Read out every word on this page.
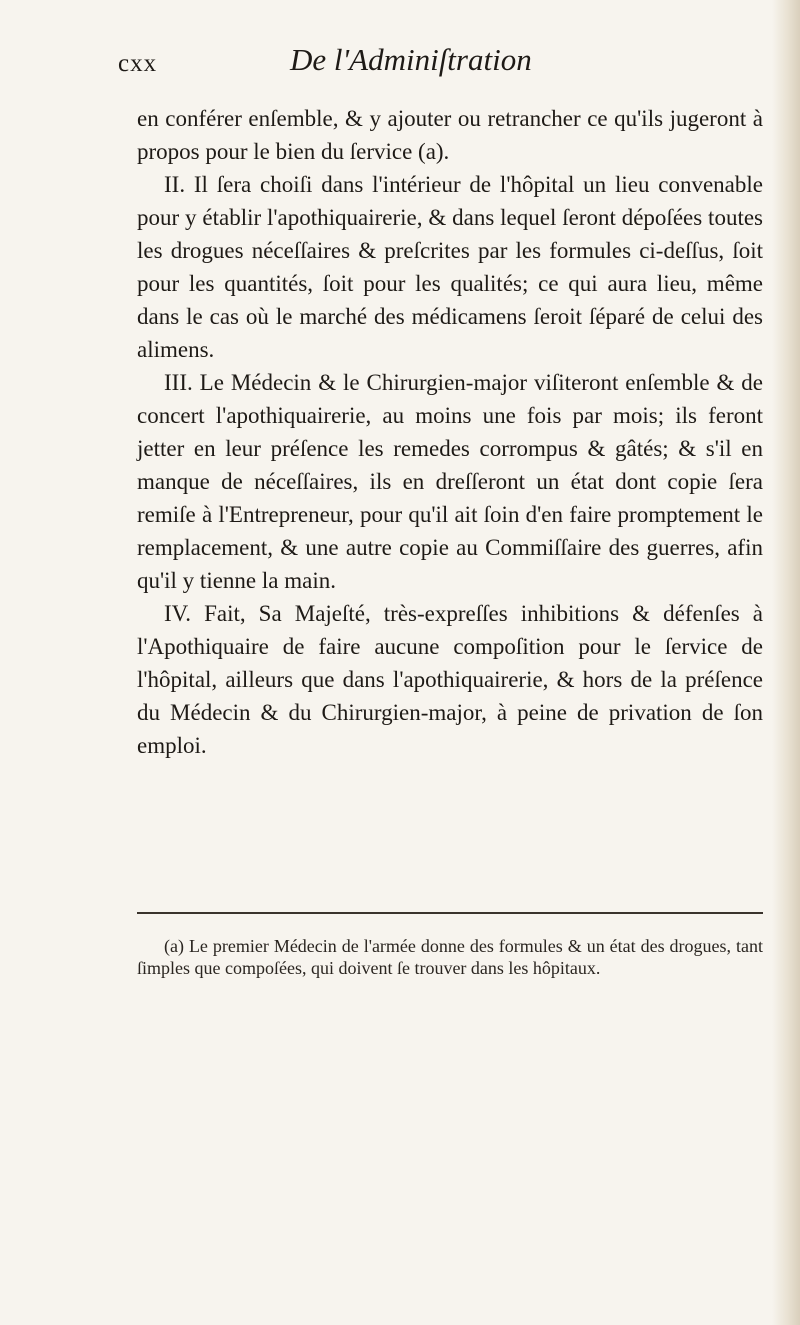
cxx	De l'Adminiſtration

en conférer enſemble, & y ajouter ou retrancher ce qu'ils jugeront à propos pour le bien du ſervice (a).

II. Il ſera choiſi dans l'intérieur de l'hôpital un lieu convenable pour y établir l'apothiquairerie, & dans lequel ſeront dépoſées toutes les drogues néceſſaires & preſcrites par les formules ci-deſſus, ſoit pour les quantités, ſoit pour les qualités; ce qui aura lieu, même dans le cas où le marché des médicamens ſeroit ſéparé de celui des alimens.

III. Le Médecin & le Chirurgien-major viſiteront enſemble & de concert l'apothiquairerie, au moins une fois par mois; ils feront jetter en leur préſence les remedes corrompus & gâtés; & s'il en manque de néceſſaires, ils en dreſſeront un état dont copie ſera remiſe à l'Entrepreneur, pour qu'il ait ſoin d'en faire promptement le remplacement, & une autre copie au Commiſſaire des guerres, afin qu'il y tienne la main.

IV. Fait, Sa Majeſté, très-expreſſes inhibitions & défenſes à l'Apothiquaire de faire aucune compoſition pour le ſervice de l'hôpital, ailleurs que dans l'apothiquairerie, & hors de la préſence du Médecin & du Chirurgien-major, à peine de privation de ſon emploi.

(a) Le premier Médecin de l'armée donne des formules & un état des drogues, tant ſimples que compoſées, qui doivent ſe trouver dans les hôpitaux.
